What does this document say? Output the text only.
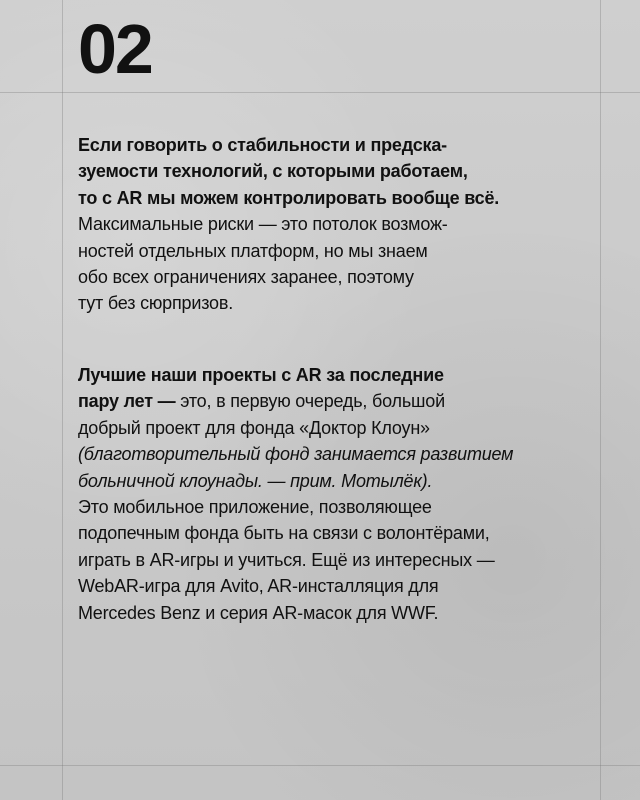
02
Если говорить о стабильности и предска-
зуемости технологий, с которыми работаем,
то с AR мы можем контролировать вообще всё.
Максимальные риски — это потолок возмож-
ностей отдельных платформ, но мы знаем
обо всех ограничениях заранее, поэтому
тут без сюрпризов.
Лучшие наши проекты с AR за последние
пару лет — это, в первую очередь, большой
добрый проект для фонда «Доктор Клоун»
(благотворительный фонд занимается развитием
больничной клоунады. — прим. Мотылёк).
Это мобильное приложение, позволяющее
подопечным фонда быть на связи с волонтёрами,
играть в AR-игры и учиться. Ещё из интересных —
WebAR-игра для Avito, AR-инсталляция для
Mercedes Benz и серия AR-масок для WWF.
